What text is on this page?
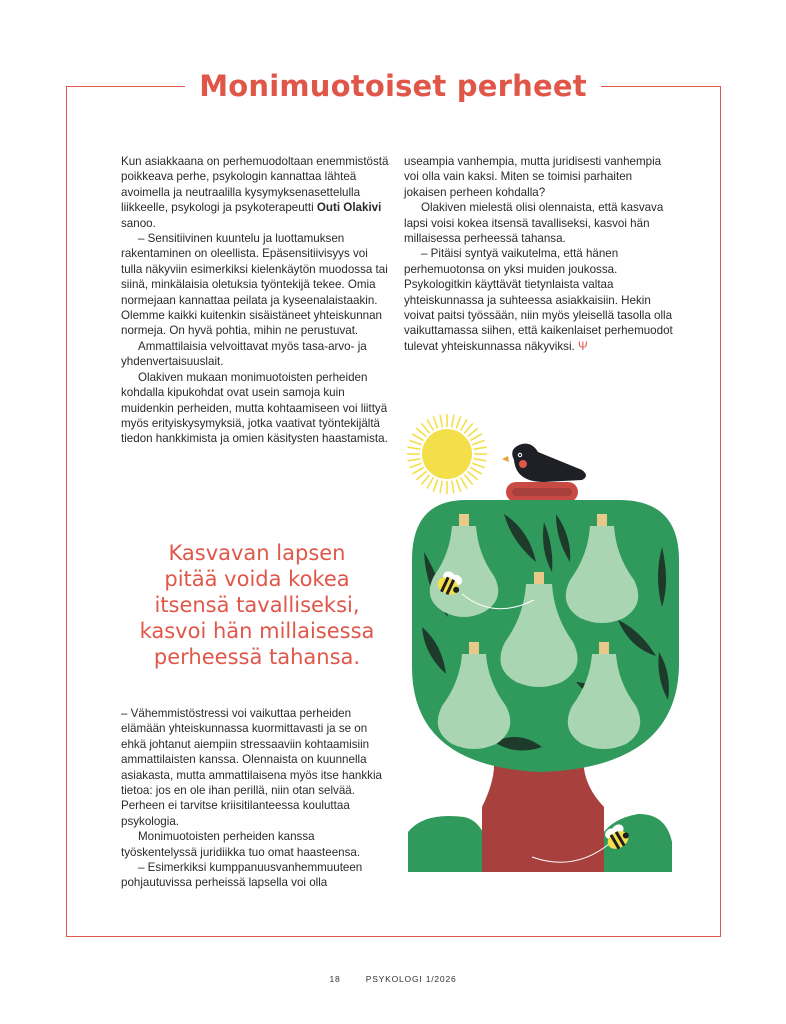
Monimuotoiset perheet

Kun asiakkaana on perhemuodoltaan enemmistöstä poikkeava perhe, psykologin kannattaa lähteä avoimella ja neutraalilla kysymyksenasettelulla liikkeelle, psykologi ja psykoterapeutti Outi Olakivi sanoo.

– Sensitiivinen kuuntelu ja luottamuksen rakentaminen on oleellista. Epäsensitiivisyys voi tulla näkyviin esimerkiksi kielenkäytön muodossa tai siinä, minkälaisia oletuksia työntekijä tekee. Omia normejaan kannattaa peilata ja kyseenalaistaakin. Olemme kaikki kuitenkin sisäistäneet yhteiskunnan normeja. On hyvä pohtia, mihin ne perustuvat.

Ammattilaisia velvoittavat myös tasa-arvo- ja yhdenvertaisuuslait.

Olakiven mukaan monimuotoisten perheiden kohdalla kipukohdat ovat usein samoja kuin muidenkin perheiden, mutta kohtaamiseen voi liittyä myös erityiskysymyksiä, jotka vaativat työntekijältä tiedon hankkimista ja omien käsitysten haastamista.

useampia vanhempia, mutta juridisesti vanhempia voi olla vain kaksi. Miten se toimisi parhaiten jokaisen perheen kohdalla?

Olakiven mielestä olisi olennaista, että kasvava lapsi voisi kokea itsensä tavalliseksi, kasvoi hän millaisessa perheessä tahansa.

– Pitäisi syntyä vaikutelma, että hänen perhemuotonsa on yksi muiden joukossa. Psykologitkin käyttävät tietynlaista valtaa yhteiskunnassa ja suhteessa asiakkaisiin. Hekin voivat paitsi työssään, niin myös yleisellä tasolla olla vaikuttamassa siihen, että kaikenlaiset perhemuodot tulevat yhteiskunnassa näkyviksi. Ψ

Kasvavan lapsen
pitää voida kokea
itsensä tavalliseksi,
kasvoi hän millaisessa
perheessä tahansa.

– Vähemmistöstressi voi vaikuttaa perheiden elämään yhteiskunnassa kuormittavasti ja se on ehkä johtanut aiempiin stressaaviin kohtaamisiin ammattilaisten kanssa. Olennaista on kuunnella asiakasta, mutta ammattilaisena myös itse hankkia tietoa: jos en ole ihan perillä, niin otan selvää. Perheen ei tarvitse kriisitilanteessa kouluttaa psykologia.

Monimuotoisten perheiden kanssa työskentelyssä juridiikka tuo omat haasteensa.

– Esimerkiksi kumppanuusvanhemmuuteen pohjautuvissa perheissä lapsella voi olla

18	PSYKOLOGI 1/2026
